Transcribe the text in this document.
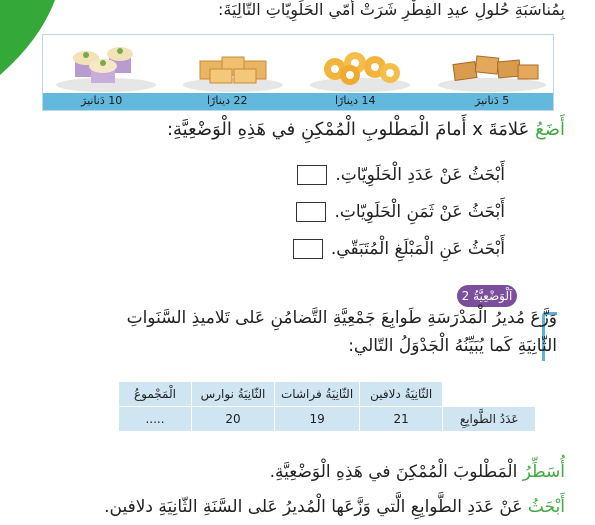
بِمُناسَبَةِ حُلولِ عيدِ الفِطْرِ شَرَتْ أُمّي الحَلَوِيّاتِ التّالِيَةَ:
10 دَنانيرَ	22 دينارًا	14 دينارًا	5 دَنانيرَ
أَضَعُ عَلامَةَ x أَمامَ الْمَطْلوبِ الْمُمْكِنِ في هَذِهِ الْوَضْعِيَّةِ:
أَبْحَثُ عَنْ عَدَدِ الْحَلَوِيّاتِ.
أَبْحَثُ عَنْ ثَمَنِ الْحَلَوِيّاتِ.
أَبْحَثُ عَنِ الْمَبْلَغِ الْمُتَبَقّي.
اَلْوَضْعِيَّةُ 2
وَزَّعَ مُديرُ الْمَدْرَسَةِ طَوابِعَ جَمْعِيَّةِ التَّضامُنِ عَلى تَلاميذِ السَّنَواتِ
الثّانِيَةِ كَما يُبَيِّنُهُ الْجَدْوَلُ التّالي:
	الثّانِيَةُ دلافين	الثّانِيَةُ فراشات	الثّانِيَةُ نوارس	الْمَجْموعُ
عَدَدُ الطَّوابِعِ	21	19	20	.....
أُسَطِّرُ الْمَطْلوبَ الْمُمْكِنَ في هَذِهِ الْوَضْعِيَّةِ.
أَبْحَثُ عَنْ عَدَدِ الطَّوابِعِ الَّتي وَزَّعَها الْمُديرُ عَلى السَّنَةِ الثّانِيَةِ دلافين.
